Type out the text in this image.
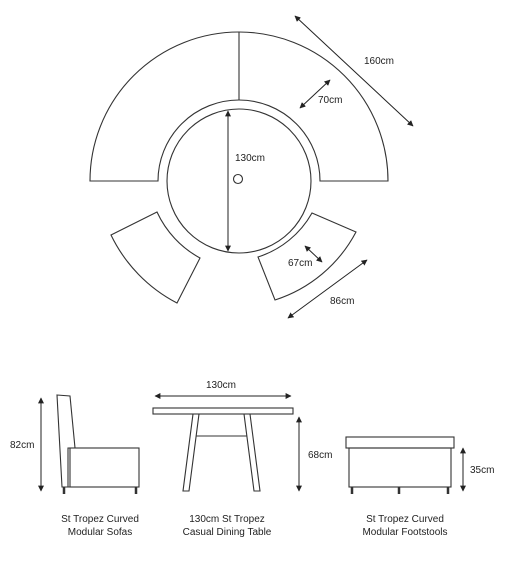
160cm
70cm
130cm
67cm
86cm
82cm
130cm
68cm
35cm
St Tropez Curved
Modular Sofas
130cm St Tropez
Casual Dining Table
St Tropez Curved
Modular Footstools
